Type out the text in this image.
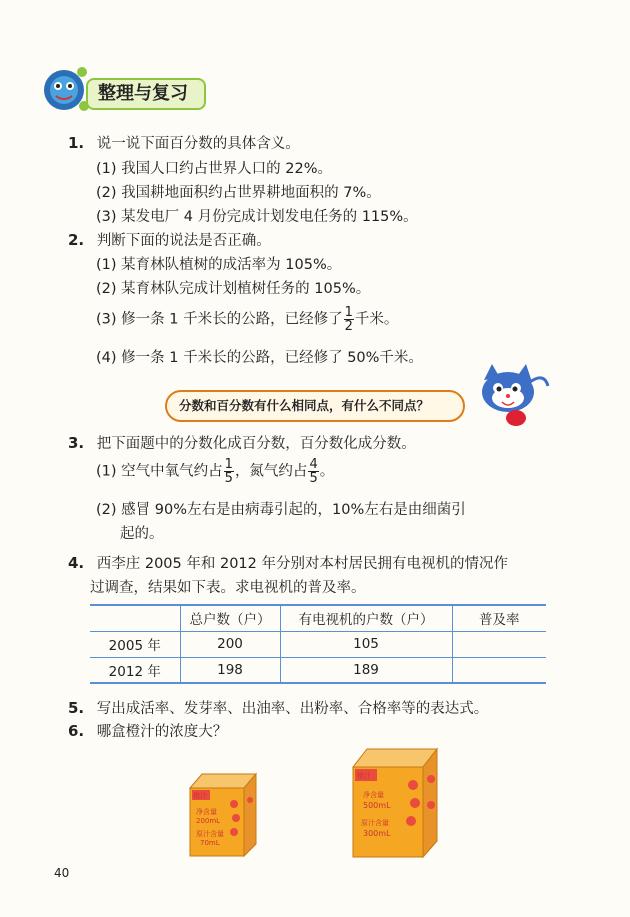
整理与复习
1. 说一说下面百分数的具体含义。
(1) 我国人口约占世界人口的 22%。
(2) 我国耕地面积约占世界耕地面积的 7%。
(3) 某发电厂 4 月份完成计划发电任务的 115%。
2. 判断下面的说法是否正确。
(1) 某育林队植树的成活率为 105%。
(2) 某育林队完成计划植树任务的 105%。
(3) 修一条 1 千米长的公路，已经修了 $\frac{1}{2}$ 千米。
(4) 修一条 1 千米长的公路，已经修了 50%千米。
分数和百分数有什么相同点，有什么不同点？
3. 把下面题中的分数化成百分数，百分数化成分数。
(1) 空气中氧气约占 $\frac{1}{5}$ ，氮气约占 $\frac{4}{5}$ 。
(2) 感冒 90%左右是由病毒引起的，10%左右是由细菌引
起的。
4. 西李庄 2005 年和 2012 年分别对本村居民拥有电视机的情况作
过调查，结果如下表。求电视机的普及率。
	总户数（户）	有电视机的户数（户）	普及率
2005 年	200	105	
2012 年	198	189	
5. 写出成活率、发芽率、出油率、出粉率、合格率等的表达式。
6. 哪盒橙汁的浓度大？
橙汁
净含量
200mL
原汁含量
70mL
橙汁
净含量
500mL
原汁含量
300mL
40
